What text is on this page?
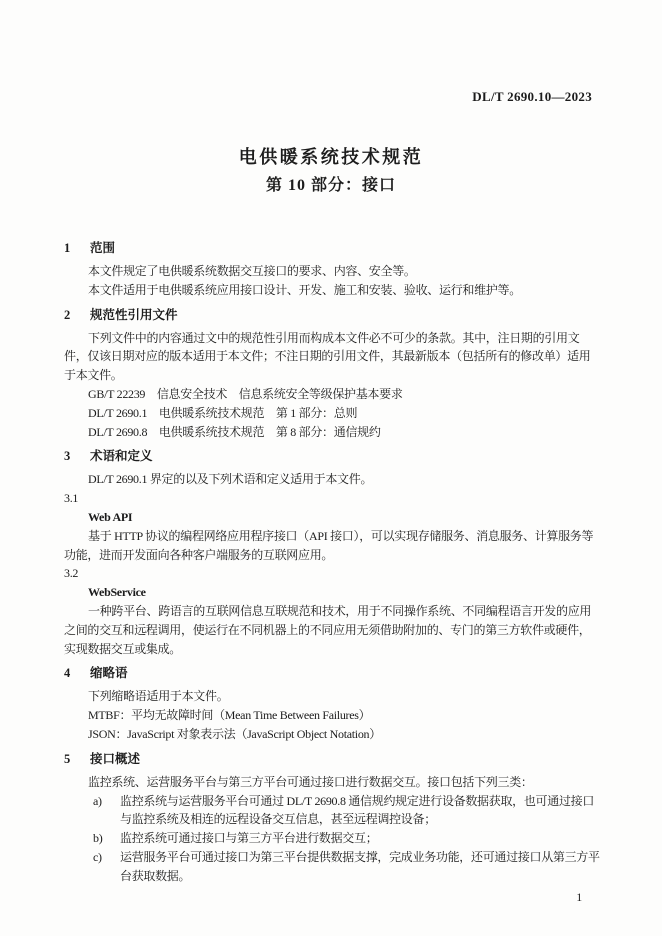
DL/T 2690.10—2023
电供暖系统技术规范
第 10 部分：接口
1 范围

本文件规定了电供暖系统数据交互接口的要求、内容、安全等。

本文件适用于电供暖系统应用接口设计、开发、施工和安装、验收、运行和维护等。

2 规范性引用文件

下列文件中的内容通过文中的规范性引用而构成本文件必不可少的条款。其中，注日期的引用文件，仅该日期对应的版本适用于本文件；不注日期的引用文件，其最新版本（包括所有的修改单）适用于本文件。

GB/T 22239　信息安全技术　信息系统安全等级保护基本要求

DL/T 2690.1　电供暖系统技术规范　第 1 部分：总则

DL/T 2690.8　电供暖系统技术规范　第 8 部分：通信规约

3 术语和定义

DL/T 2690.1 界定的以及下列术语和定义适用于本文件。

3.1

Web API

基于 HTTP 协议的编程网络应用程序接口（API 接口），可以实现存储服务、消息服务、计算服务等功能，进而开发面向各种客户端服务的互联网应用。

3.2

WebService

一种跨平台、跨语言的互联网信息互联规范和技术，用于不同操作系统、不同编程语言开发的应用之间的交互和远程调用，使运行在不同机器上的不同应用无须借助附加的、专门的第三方软件或硬件，实现数据交互或集成。

4 缩略语

下列缩略语适用于本文件。

MTBF：平均无故障时间（Mean Time Between Failures）

JSON：JavaScript 对象表示法（JavaScript Object Notation）

5 接口概述

监控系统、运营服务平台与第三方平台可通过接口进行数据交互。接口包括下列三类：

a)	监控系统与运营服务平台可通过 DL/T 2690.8 通信规约规定进行设备数据获取，也可通过接口与监控系统及相连的远程设备交互信息，甚至远程调控设备；
b)	监控系统可通过接口与第三方平台进行数据交互；
c)	运营服务平台可通过接口为第三平台提供数据支撑，完成业务功能，还可通过接口从第三方平台获取数据。
1
